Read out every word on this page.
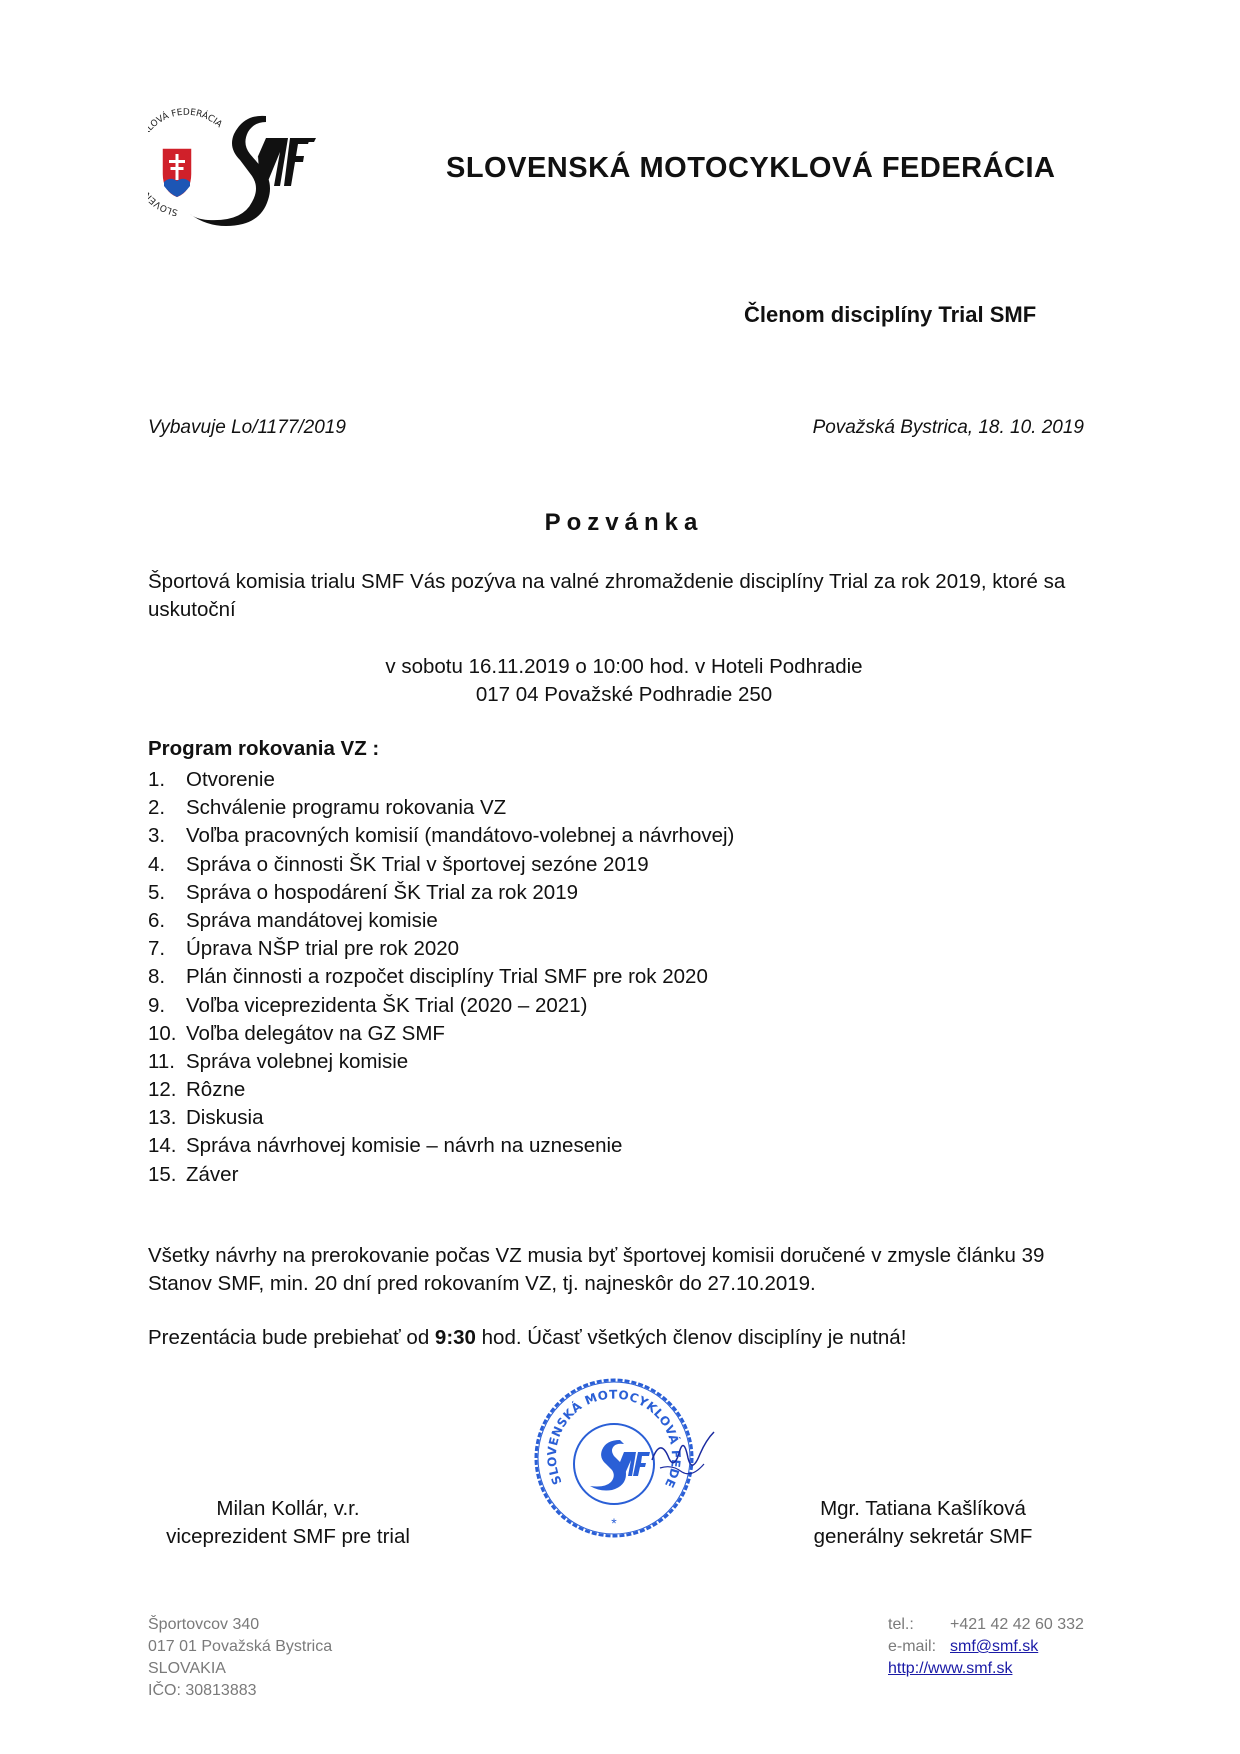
SLOVE OVÁ FEDERÁCIA
SLOVENSKÁ MOTOCYKLOVÁ FEDERÁCIA
Členom disciplíny Trial SMF
Vybavuje Lo/1177/2019	Považská Bystrica, 18. 10. 2019
Pozvánka
Športová komisia trialu SMF Vás pozýva na valné zhromaždenie disciplíny Trial za rok 2019, ktoré sa uskutoční
v sobotu 16.11.2019 o 10:00 hod. v Hoteli Podhradie
017 04 Považské Podhradie 250
Program rokovania VZ :
1. Otvorenie
2. Schválenie programu rokovania VZ
3. Voľba pracovných komisií (mandátovo-volebnej a návrhovej)
4. Správa o činnosti ŠK Trial v športovej sezóne 2019
5. Správa o hospodárení ŠK Trial za rok 2019
6. Správa mandátovej komisie
7. Úprava NŠP trial pre rok 2020
8. Plán činnosti a rozpočet disciplíny Trial SMF pre rok 2020
9. Voľba viceprezidenta ŠK Trial (2020 – 2021)
10. Voľba delegátov na GZ SMF
11. Správa volebnej komisie
12. Rôzne
13. Diskusia
14. Správa návrhovej komisie – návrh na uznesenie
15. Záver
Všetky návrhy na prerokovanie počas VZ musia byť športovej komisii doručené v zmysle článku 39 Stanov SMF, min. 20 dní pred rokovaním VZ, tj. najneskôr do 27.10.2019.
Prezentácia bude prebiehať od 9:30 hod. Účasť všetkých členov disciplíny je nutná!
SLOVENSKÁ MOTOCYKLOVÁ FEDE
*
Milan Kollár, v.r.
viceprezident SMF pre trial
Mgr. Tatiana Kašlíková
generálny sekretár SMF
Športovcov 340
017 01 Považská Bystrica
SLOVAKIA
IČO: 30813883
tel.: +421 42 42 60 332
e-mail: smf@smf.sk
http://www.smf.sk
